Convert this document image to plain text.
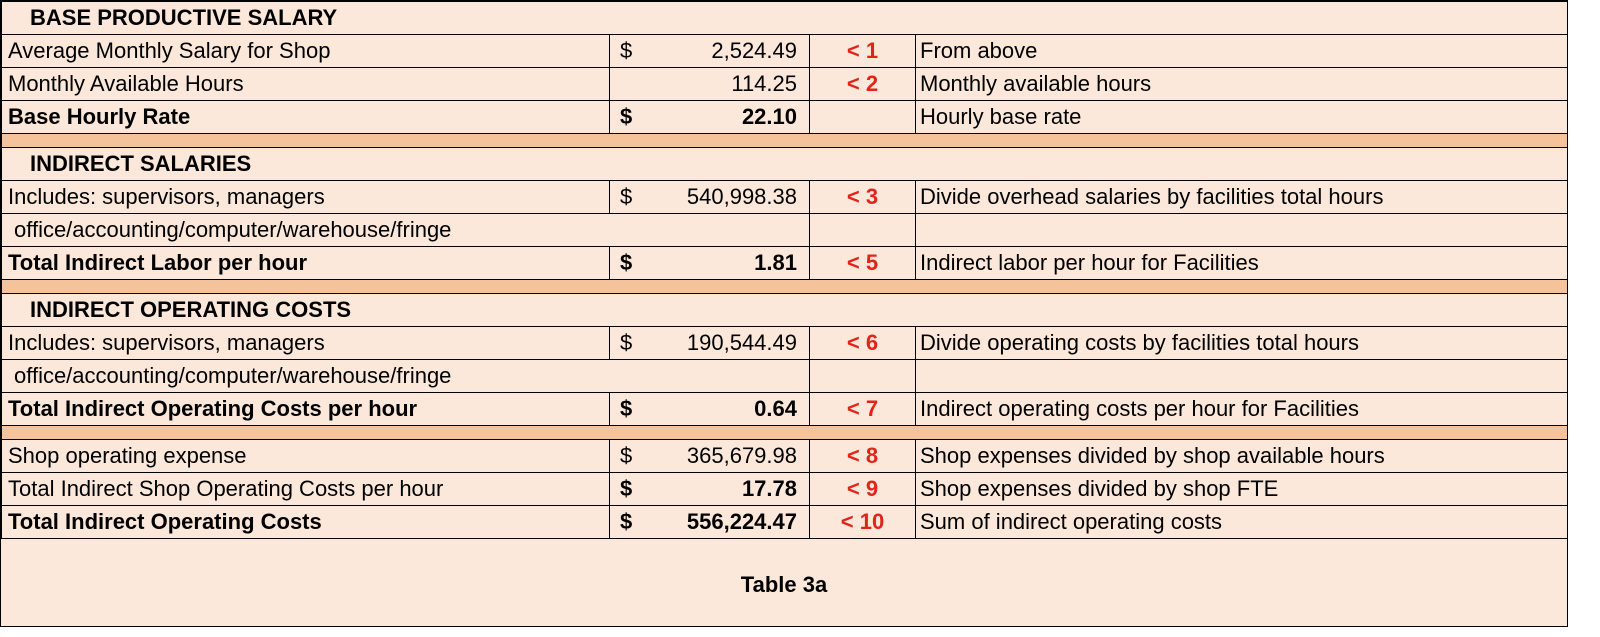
BASE PRODUCTIVE SALARY			
Average Monthly Salary for Shop	$ 2,524.49	< 1	From above
Monthly Available Hours	114.25	< 2	Monthly available hours
Base Hourly Rate	$ 22.10		Hourly base rate

INDIRECT SALARIES			
Includes: supervisors, managers	$ 540,998.38	< 3	Divide overhead salaries by facilities total hours
office/accounting/computer/warehouse/fringe			
Total Indirect Labor per hour	$ 1.81	< 5	Indirect labor per hour for Facilities

INDIRECT OPERATING COSTS			
Includes: supervisors, managers	$ 190,544.49	< 6	Divide operating costs by facilities total hours
office/accounting/computer/warehouse/fringe			
Total Indirect Operating Costs per hour	$ 0.64	< 7	Indirect operating costs per hour for Facilities

Shop operating expense	$ 365,679.98	< 8	Shop expenses divided by shop available hours
Total Indirect Shop Operating Costs per hour	$ 17.78	< 9	Shop expenses divided by shop FTE
Total Indirect Operating Costs	$ 556,224.47	< 10	Sum of indirect operating costs
Table 3a
